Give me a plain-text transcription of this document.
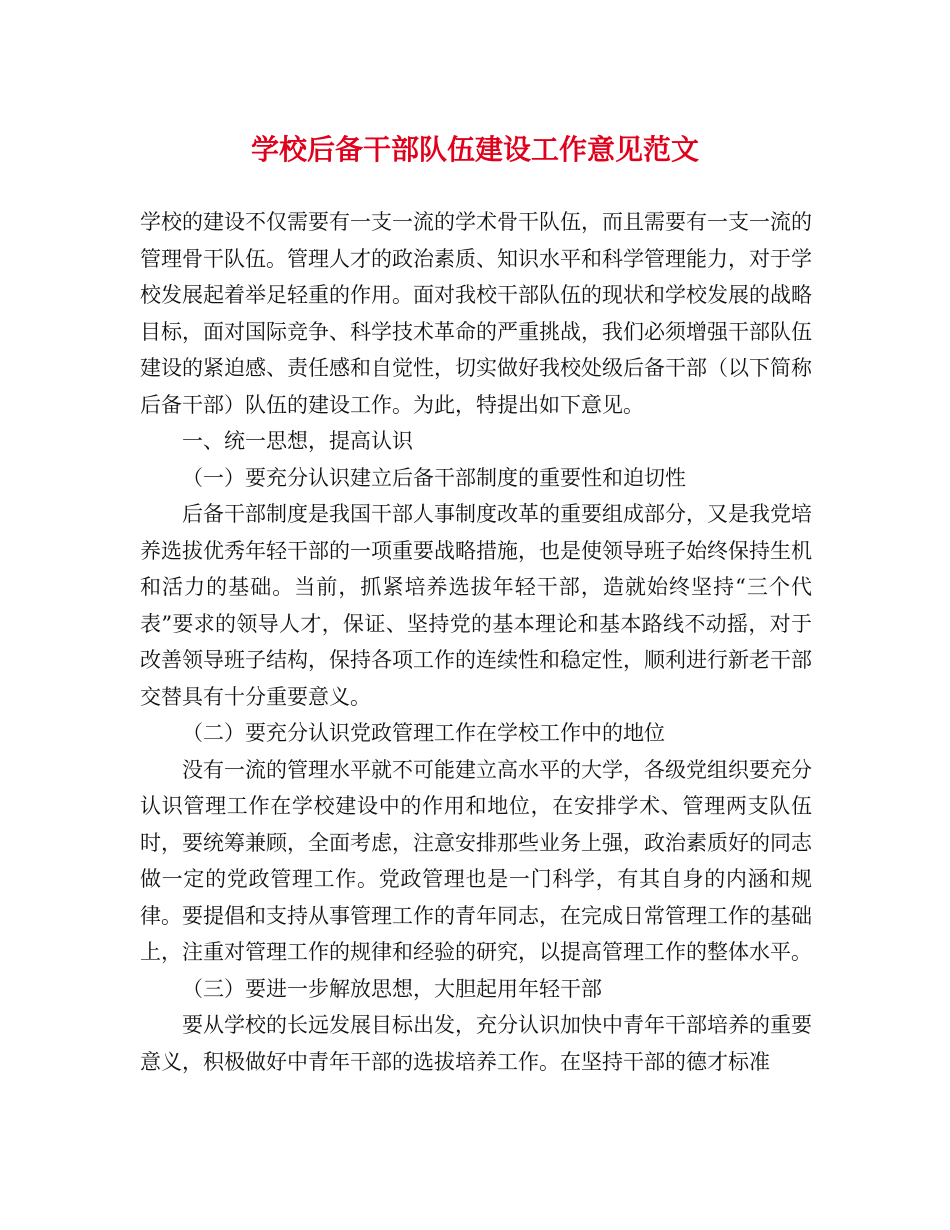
学校后备干部队伍建设工作意见范文

学校的建设不仅需要有一支一流的学术骨干队伍，而且需要有一支一流的管理骨干队伍。管理人才的政治素质、知识水平和科学管理能力，对于学校发展起着举足轻重的作用。面对我校干部队伍的现状和学校发展的战略目标，面对国际竞争、科学技术革命的严重挑战，我们必须增强干部队伍建设的紧迫感、责任感和自觉性，切实做好我校处级后备干部（以下简称后备干部）队伍的建设工作。为此，特提出如下意见。

一、统一思想，提高认识

（一）要充分认识建立后备干部制度的重要性和迫切性

后备干部制度是我国干部人事制度改革的重要组成部分，又是我党培养选拔优秀年轻干部的一项重要战略措施，也是使领导班子始终保持生机和活力的基础。当前，抓紧培养选拔年轻干部，造就始终坚持“三个代表”要求的领导人才，保证、坚持党的基本理论和基本路线不动摇，对于改善领导班子结构，保持各项工作的连续性和稳定性，顺利进行新老干部交替具有十分重要意义。

（二）要充分认识党政管理工作在学校工作中的地位

没有一流的管理水平就不可能建立高水平的大学，各级党组织要充分认识管理工作在学校建设中的作用和地位，在安排学术、管理两支队伍时，要统筹兼顾，全面考虑，注意安排那些业务上强，政治素质好的同志做一定的党政管理工作。党政管理也是一门科学，有其自身的内涵和规律。要提倡和支持从事管理工作的青年同志，在完成日常管理工作的基础上，注重对管理工作的规律和经验的研究，以提高管理工作的整体水平。

（三）要进一步解放思想，大胆起用年轻干部

要从学校的长远发展目标出发，充分认识加快中青年干部培养的重要意义，积极做好中青年干部的选拔培养工作。在坚持干部的德才标准
